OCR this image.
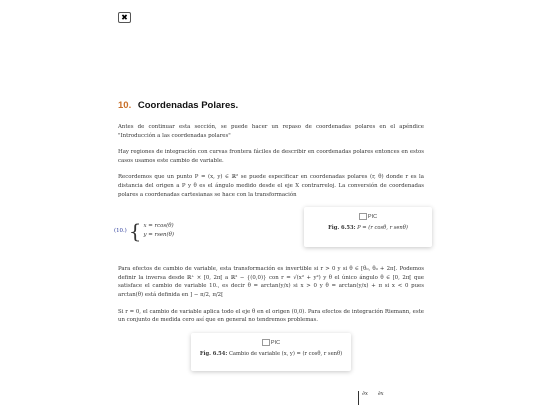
✖
10. Coordenadas Polares.

Antes de continuar esta sección, se puede hacer un repaso de coordenadas polares en el apéndice "Introducción a las coordenadas polares"

Hay regiones de integración con curvas frontera fáciles de describir en coordenadas polares entonces en estos casos usamos este cambio de variable.

Recordemos que un punto P = (x, y) ∈ ℝ² se puede especificar en coordenadas polares (r, θ) donde r es la distancia del origen a P y θ es el ángulo medido desde el eje X contrarreloj. La conversión de coordenadas polares a coordenadas cartesianas se hace con la transformación

(10.) { x = rcos(θ)
y = rsen(θ)
PIC
Fig. 6.53: P = (r cosθ, r senθ)

Para efectos de cambio de variable, esta transformación es invertible si r > 0 y si θ ∈ [θ₀, θ₀ + 2π[. Podemos definir la inversa desde ℝ⁺ × [0, 2π[ a ℝ² − {(0,0)} con r = √(x² + y²) y θ el único ángulo θ ∈ [0, 2π[ que satisface el cambio de variable 10., es decir θ = arctan(y/x) si x > 0 y θ = arctan(y/x) + π si x < 0 pues arctan(θ) está definida en ] − π/2, π/2[

Si r = 0, el cambio de variable aplica todo el eje θ en el origen (0,0). Para efectos de integración Riemann, este un conjunto de medida cero así que en general no tendremos problemas.

PIC
Fig. 6.54: Cambio de variable (x, y) = (r cosθ, r senθ)
∂x ∂x
